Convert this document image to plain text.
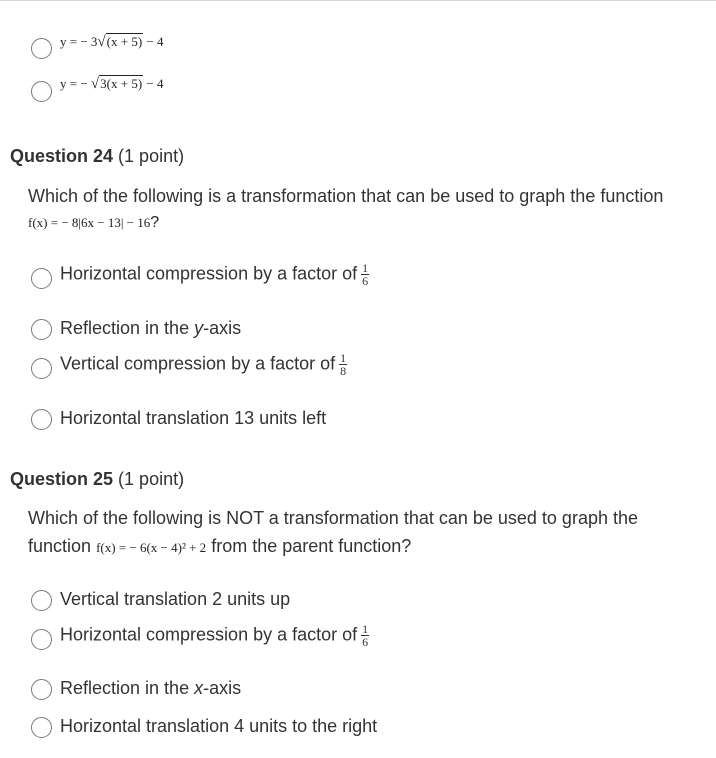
y = − 3√(x + 5) − 4
y = − √3(x + 5) − 4
Question 24 (1 point)
Which of the following is a transformation that can be used to graph the function
f(x) = − 8|6x − 13| − 16?
Horizontal compression by a factor of $\frac{1}{6}$
Reflection in the y-axis
Vertical compression by a factor of $\frac{1}{8}$
Horizontal translation 13 units left
Question 25 (1 point)
Which of the following is NOT a transformation that can be used to graph the
function f(x) = − 6(x − 4)² + 2 from the parent function?
Vertical translation 2 units up
Horizontal compression by a factor of $\frac{1}{6}$
Reflection in the x-axis
Horizontal translation 4 units to the right
